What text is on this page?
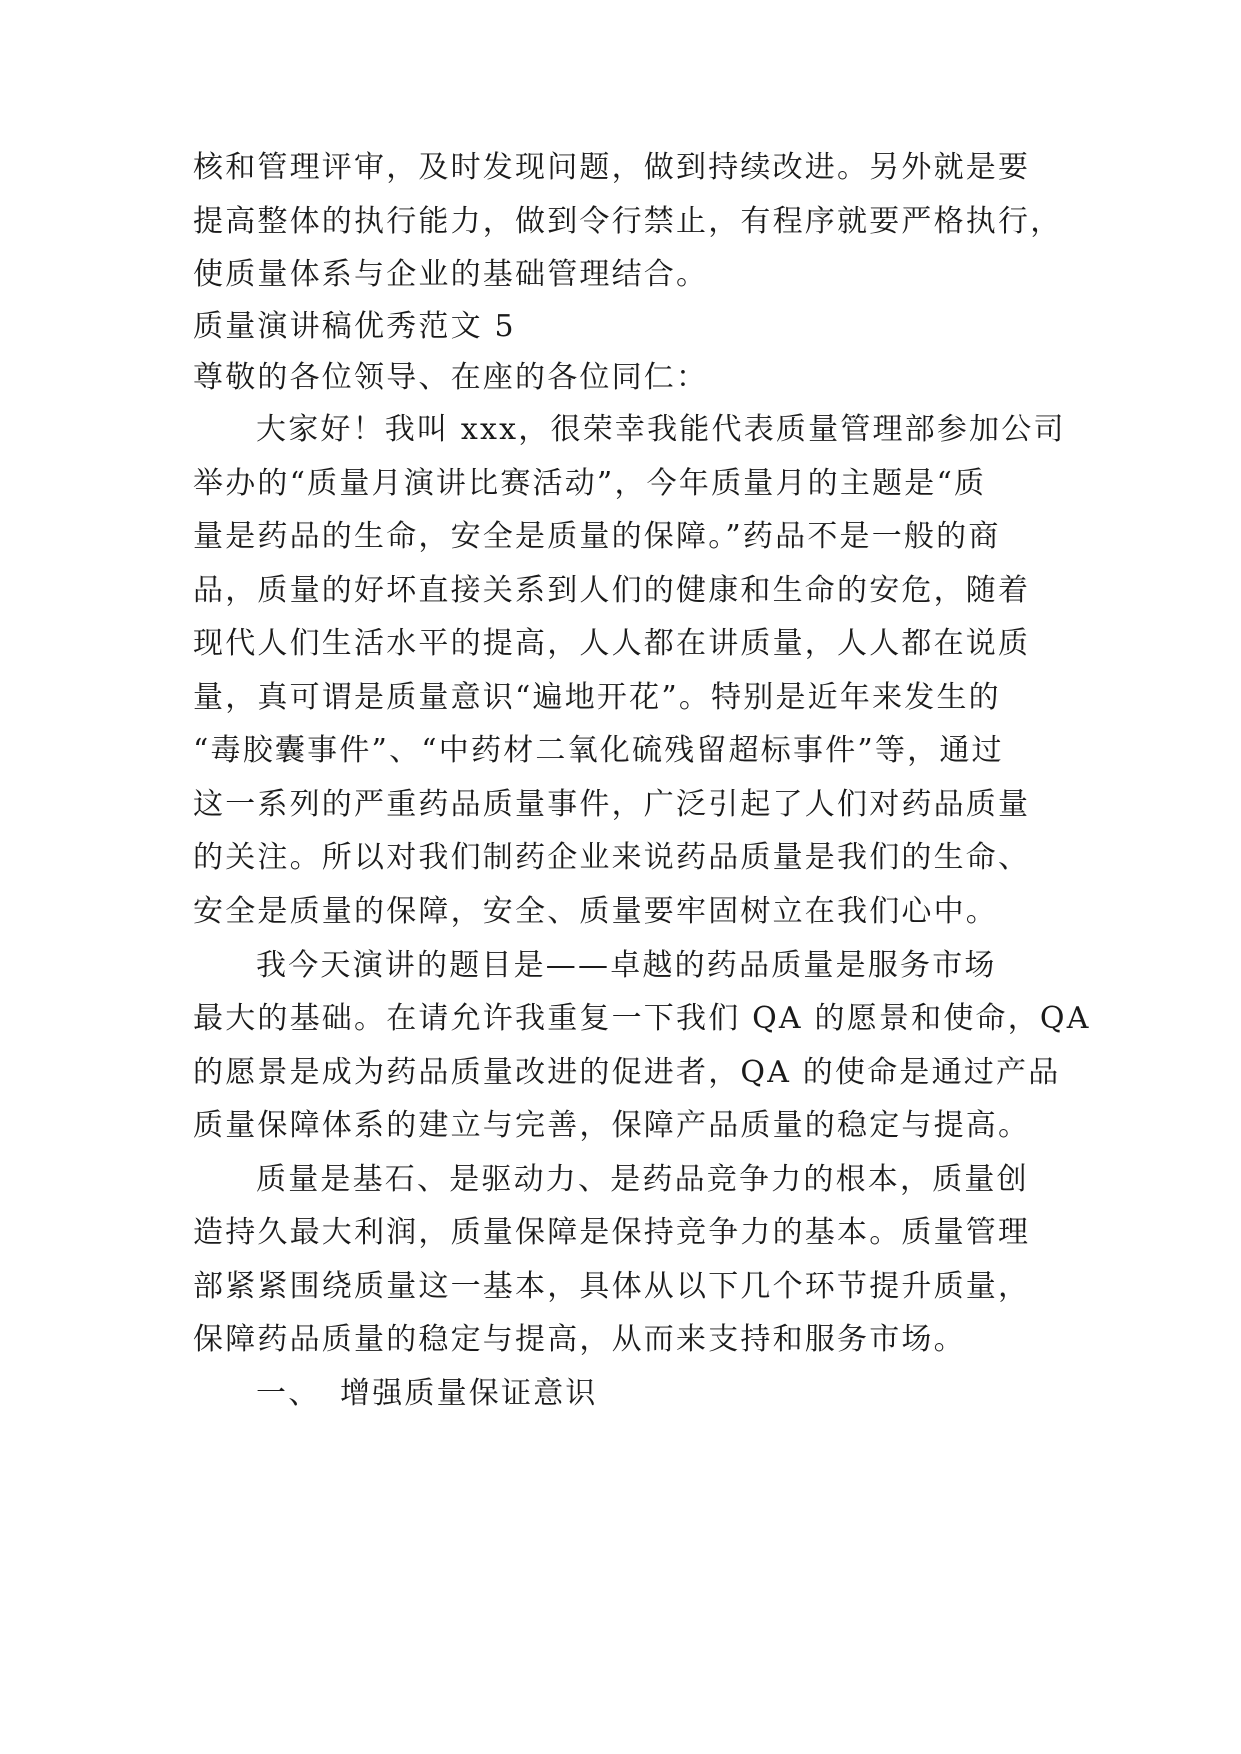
核和管理评审，及时发现问题，做到持续改进。另外就是要

提高整体的执行能力，做到令行禁止，有程序就要严格执行，

使质量体系与企业的基础管理结合。

质量演讲稿优秀范文 5

尊敬的各位领导、在座的各位同仁：

大家好！我叫 xxx，很荣幸我能代表质量管理部参加公司

举办的“质量月演讲比赛活动”，今年质量月的主题是“质

量是药品的生命，安全是质量的保障。”药品不是一般的商

品，质量的好坏直接关系到人们的健康和生命的安危，随着

现代人们生活水平的提高，人人都在讲质量，人人都在说质

量，真可谓是质量意识“遍地开花”。特别是近年来发生的

“毒胶囊事件”、“中药材二氧化硫残留超标事件”等，通过

这一系列的严重药品质量事件，广泛引起了人们对药品质量

的关注。所以对我们制药企业来说药品质量是我们的生命、

安全是质量的保障，安全、质量要牢固树立在我们心中。

我今天演讲的题目是——卓越的药品质量是服务市场

最大的基础。在请允许我重复一下我们 QA 的愿景和使命，QA

的愿景是成为药品质量改进的促进者，QA 的使命是通过产品

质量保障体系的建立与完善，保障产品质量的稳定与提高。

质量是基石、是驱动力、是药品竞争力的根本，质量创

造持久最大利润，质量保障是保持竞争力的基本。质量管理

部紧紧围绕质量这一基本，具体从以下几个环节提升质量，

保障药品质量的稳定与提高，从而来支持和服务市场。

一、 增强质量保证意识
